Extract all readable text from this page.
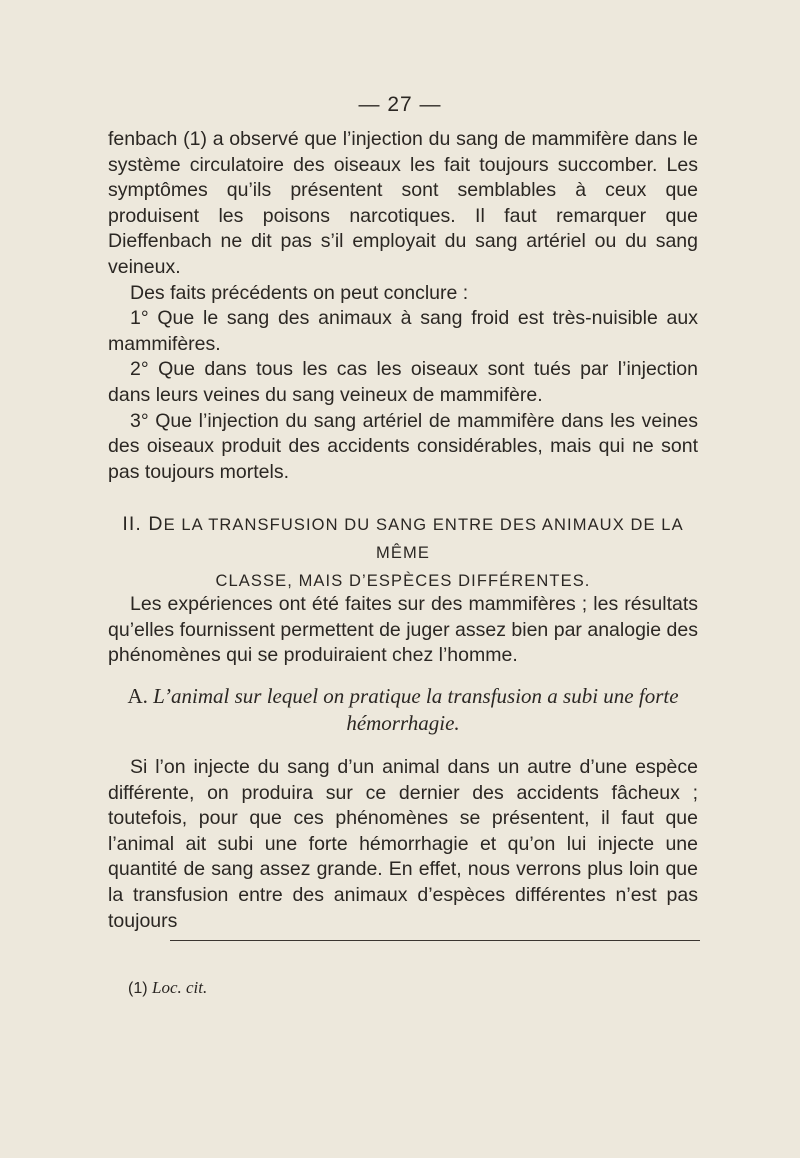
— 27 —

fenbach (1) a observé que l’injection du sang de mammifère dans le système circulatoire des oiseaux les fait toujours succomber. Les symptômes qu’ils présentent sont semblables à ceux que produisent les poisons narcotiques. Il faut remarquer que Dieffenbach ne dit pas s’il employait du sang artériel ou du sang veineux.

Des faits précédents on peut conclure :

1° Que le sang des animaux à sang froid est très-nuisible aux mammifères.

2° Que dans tous les cas les oiseaux sont tués par l’injection dans leurs veines du sang veineux de mammifère.

3° Que l’injection du sang artériel de mammifère dans les veines des oiseaux produit des accidents considérables, mais qui ne sont pas toujours mortels.

II. DE LA TRANSFUSION DU SANG ENTRE DES ANIMAUX DE LA MÊME

CLASSE, MAIS D’ESPÈCES DIFFÉRENTES.

Les expériences ont été faites sur des mammifères ; les résultats qu’elles fournissent permettent de juger assez bien par analogie des phénomènes qui se produiraient chez l’homme.

A. L’animal sur lequel on pratique la transfusion a subi une forte

hémorrhagie.

Si l’on injecte du sang d’un animal dans un autre d’une espèce différente, on produira sur ce dernier des accidents fâcheux ; toutefois, pour que ces phénomènes se présentent, il faut que l’animal ait subi une forte hémorrhagie et qu’on lui injecte une quantité de sang assez grande. En effet, nous verrons plus loin que la transfusion entre des animaux d’espèces différentes n’est pas toujours

(1) Loc. cit.
